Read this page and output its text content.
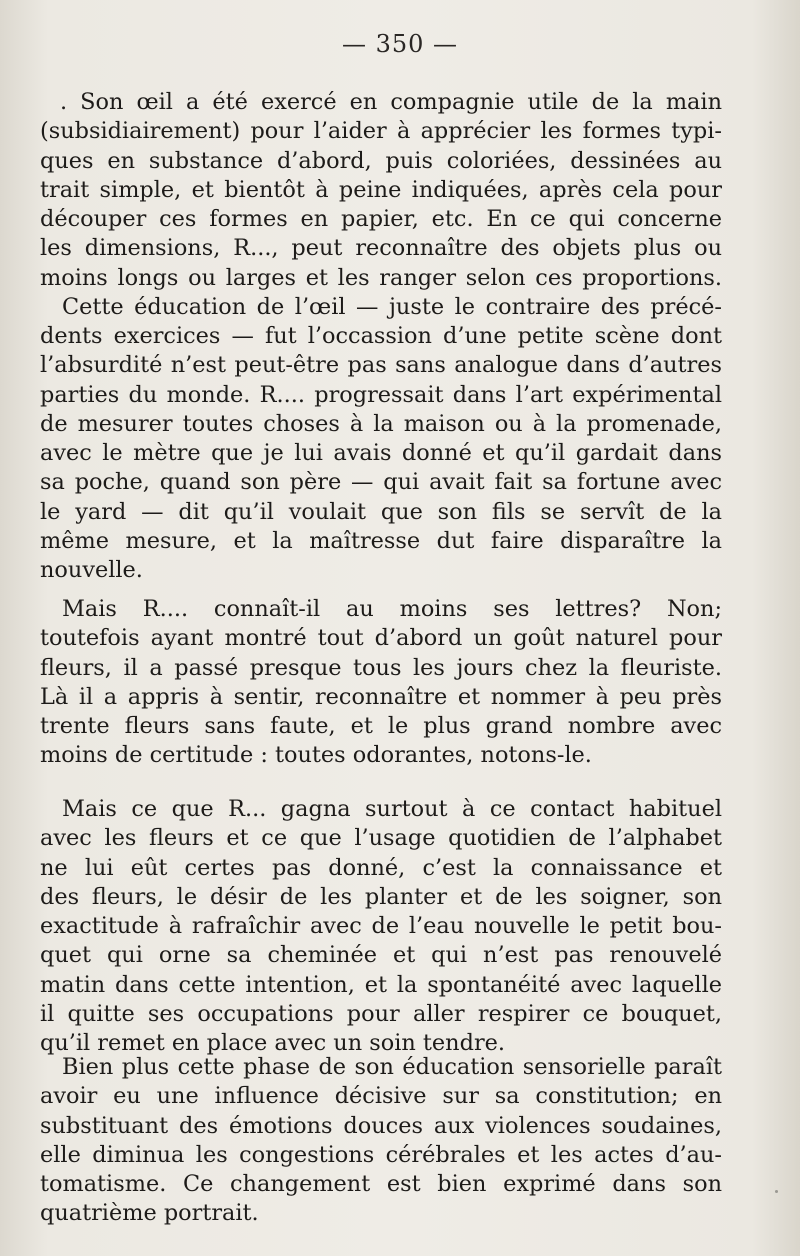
— 350 —
. Son œil a été exercé en compagnie utile de la main
(subsidiairement) pour l’aider à apprécier les formes typi-
ques en substance d’abord, puis coloriées, dessinées au
trait simple, et bientôt à peine indiquées, après cela pour
découper ces formes en papier, etc. En ce qui concerne
les dimensions, R..., peut reconnaître des objets plus ou
moins longs ou larges et les ranger selon ces proportions.
Cette éducation de l’œil — juste le contraire des précé-
dents exercices — fut l’occassion d’une petite scène dont
l’absurdité n’est peut-être pas sans analogue dans d’autres
parties du monde. R.... progressait dans l’art expérimental
de mesurer toutes choses à la maison ou à la promenade,
avec le mètre que je lui avais donné et qu’il gardait dans
sa poche, quand son père — qui avait fait sa fortune avec
le yard — dit qu’il voulait que son fils se servît de la
même mesure, et la maîtresse dut faire disparaître la
nouvelle.
Mais R.... connaît-il au moins ses lettres? Non;
toutefois ayant montré tout d’abord un goût naturel pour
fleurs, il a passé presque tous les jours chez la fleuriste.
Là il a appris à sentir, reconnaître et nommer à peu près
trente fleurs sans faute, et le plus grand nombre avec
moins de certitude : toutes odorantes, notons-le.
Mais ce que R... gagna surtout à ce contact habituel
avec les fleurs et ce que l’usage quotidien de l’alphabet
ne lui eût certes pas donné, c’est la connaissance et
des fleurs, le désir de les planter et de les soigner, son
exactitude à rafraîchir avec de l’eau nouvelle le petit bou-
quet qui orne sa cheminée et qui n’est pas renouvelé
matin dans cette intention, et la spontanéité avec laquelle
il quitte ses occupations pour aller respirer ce bouquet,
qu’il remet en place avec un soin tendre.
Bien plus cette phase de son éducation sensorielle paraît
avoir eu une influence décisive sur sa constitution; en
substituant des émotions douces aux violences soudaines,
elle diminua les congestions cérébrales et les actes d’au-
tomatisme. Ce changement est bien exprimé dans son
quatrième portrait.
